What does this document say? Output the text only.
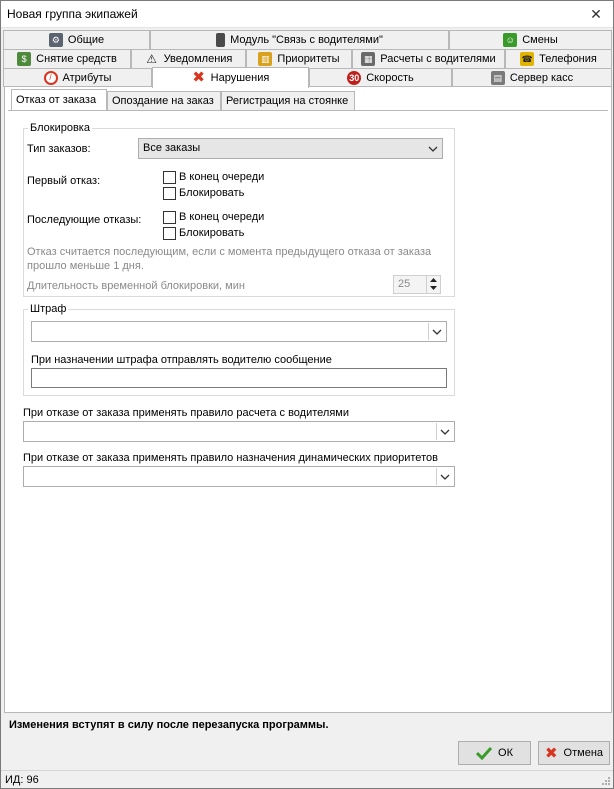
Новая группа экипажей	✕
⚙ Общие	Модуль "Связь с водителями"	☺ Смены
$ Снятие средств ⚠ Уведомления	▥ Приоритеты	▦ Расчеты с водителями	☎ Телефония
/ Атрибуты	✖ Нарушения	30 Скорость	▤ Сервер касс
Отказ от заказа Опоздание на заказ Регистрация на стоянке
Блокировка
Тип заказов:	Все заказы
Первый отказ:	В конец очереди
Блокировать
Последующие отказы:	В конец очереди
Блокировать
Отказ считается последующим, если с момента предыдущего отказа от заказа
прошло меньше 1 дня.
Длительность временной блокировки, мин	25
Штраф
При назначении штрафа отправлять водителю сообщение
При отказе от заказа применять правило расчета с водителями
При отказе от заказа применять правило назначения динамических приоритетов
Изменения вступят в силу после перезапуска программы.
ОК ✖ Отмена
ИД: 96
